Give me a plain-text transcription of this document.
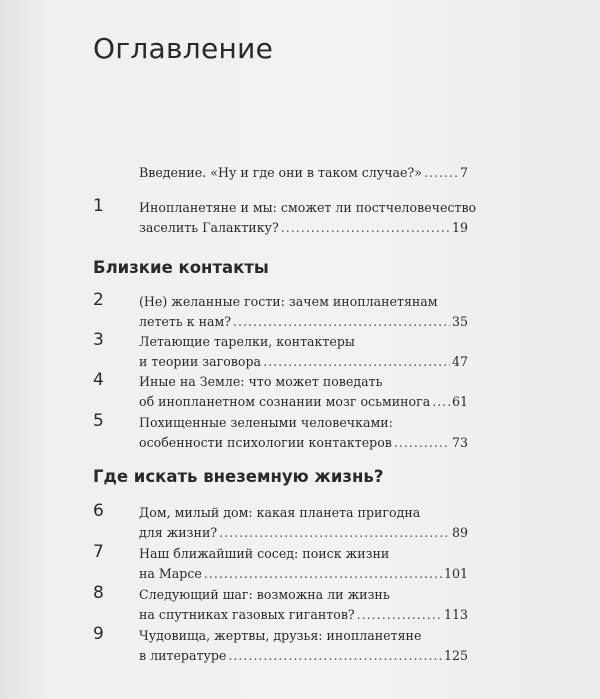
Оглавление
Введение. «Ну и где они в таком случае?» .....	7
1	Инопланетяне и мы: сможет ли постчеловечество
заселить Галактику? .....	19
Близкие контакты
2	(Не) желанные гости: зачем инопланетянам
лететь к нам? .....	35
3	Летающие тарелки, контактеры
и теории заговора .....	47
4	Иные на Земле: что может поведать
об инопланетном сознании мозг осьминога ..... 61
5	Похищенные зелеными человечками:
особенности психологии контактеров .....	73
Где искать внеземную жизнь?
6	Дом, милый дом: какая планета пригодна
для жизни? .....	89
7	Наш ближайший сосед: поиск жизни
на Марсе .....	101
8	Следующий шаг: возможна ли жизнь
на спутниках газовых гигантов? .....	113
9	Чудовища, жертвы, друзья: инопланетяне
в литературе .....	125
